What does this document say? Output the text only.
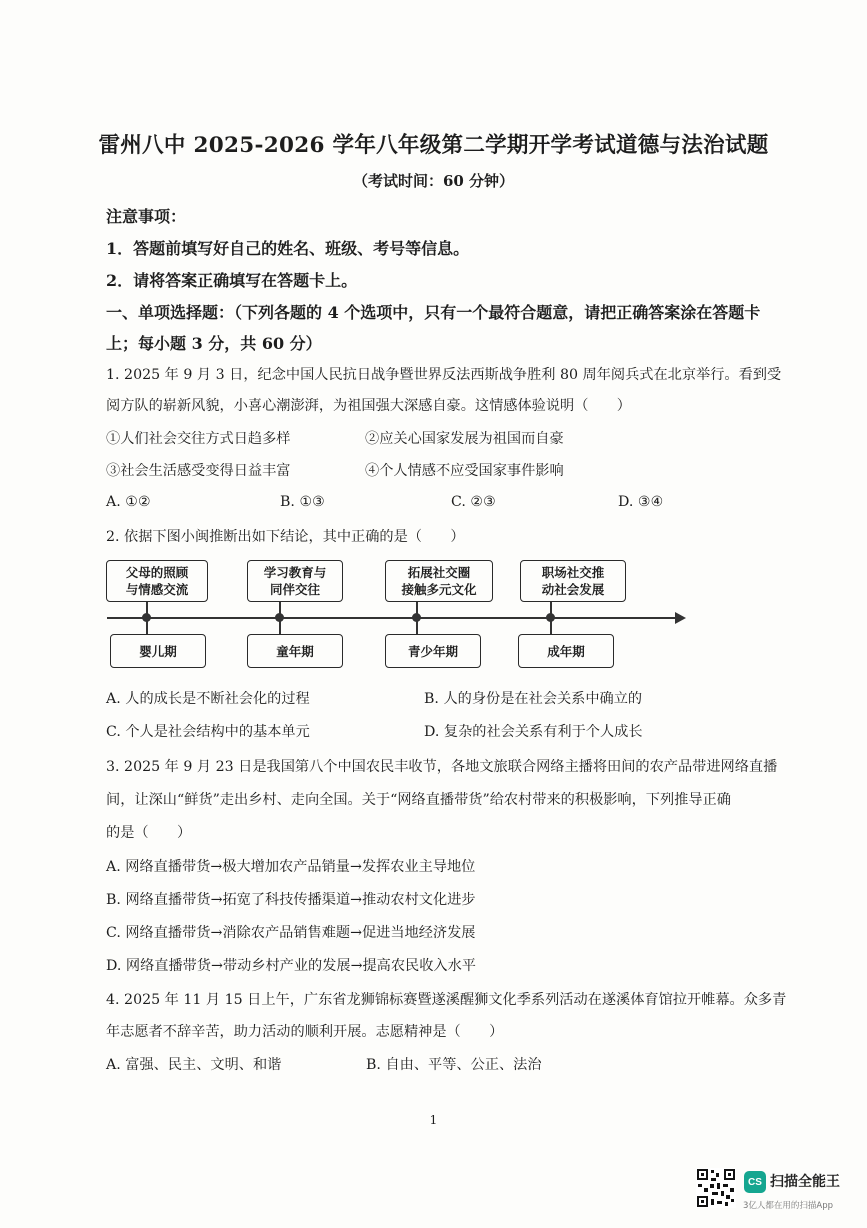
雷州八中 2025-2026 学年八年级第二学期开学考试道德与法治试题
（考试时间：60 分钟）
注意事项：
1．答题前填写好自己的姓名、班级、考号等信息。
2．请将答案正确填写在答题卡上。
一、单项选择题：（下列各题的 4 个选项中，只有一个最符合题意，请把正确答案涂在答题卡
上；每小题 3 分，共 60 分）
1. 2025 年 9 月 3 日，纪念中国人民抗日战争暨世界反法西斯战争胜利 80 周年阅兵式在北京举行。看到受
阅方队的崭新风貌，小喜心潮澎湃，为祖国强大深感自豪。这情感体验说明（　　）
①人们社会交往方式日趋多样	②应关心国家发展为祖国而自豪
③社会生活感受变得日益丰富	④个人情感不应受国家事件影响
A. ①②	B. ①③	C. ②③	D. ③④
2. 依据下图小闽推断出如下结论，其中正确的是（　　）
父母的照顾
与情感交流
学习教育与
同伴交往
拓展社交圈
接触多元文化
职场社交推
动社会发展
婴儿期	童年期	青少年期	成年期
A. 人的成长是不断社会化的过程	B. 人的身份是在社会关系中确立的
C. 个人是社会结构中的基本单元	D. 复杂的社会关系有利于个人成长
3. 2025 年 9 月 23 日是我国第八个中国农民丰收节，各地文旅联合网络主播将田间的农产品带进网络直播
间，让深山“鲜货”走出乡村、走向全国。关于“网络直播带货”给农村带来的积极影响，下列推导正确
的是（　　）
A. 网络直播带货→极大增加农产品销量→发挥农业主导地位
B. 网络直播带货→拓宽了科技传播渠道→推动农村文化进步
C. 网络直播带货→消除农产品销售难题→促进当地经济发展
D. 网络直播带货→带动乡村产业的发展→提高农民收入水平
4. 2025 年 11 月 15 日上午，广东省龙狮锦标赛暨遂溪醒狮文化季系列活动在遂溪体育馆拉开帷幕。众多青
年志愿者不辞辛苦，助力活动的顺利开展。志愿精神是（　　）
A. 富强、民主、文明、和谐	B. 自由、平等、公正、法治
1
CS 扫描全能王
3亿人都在用的扫描App
